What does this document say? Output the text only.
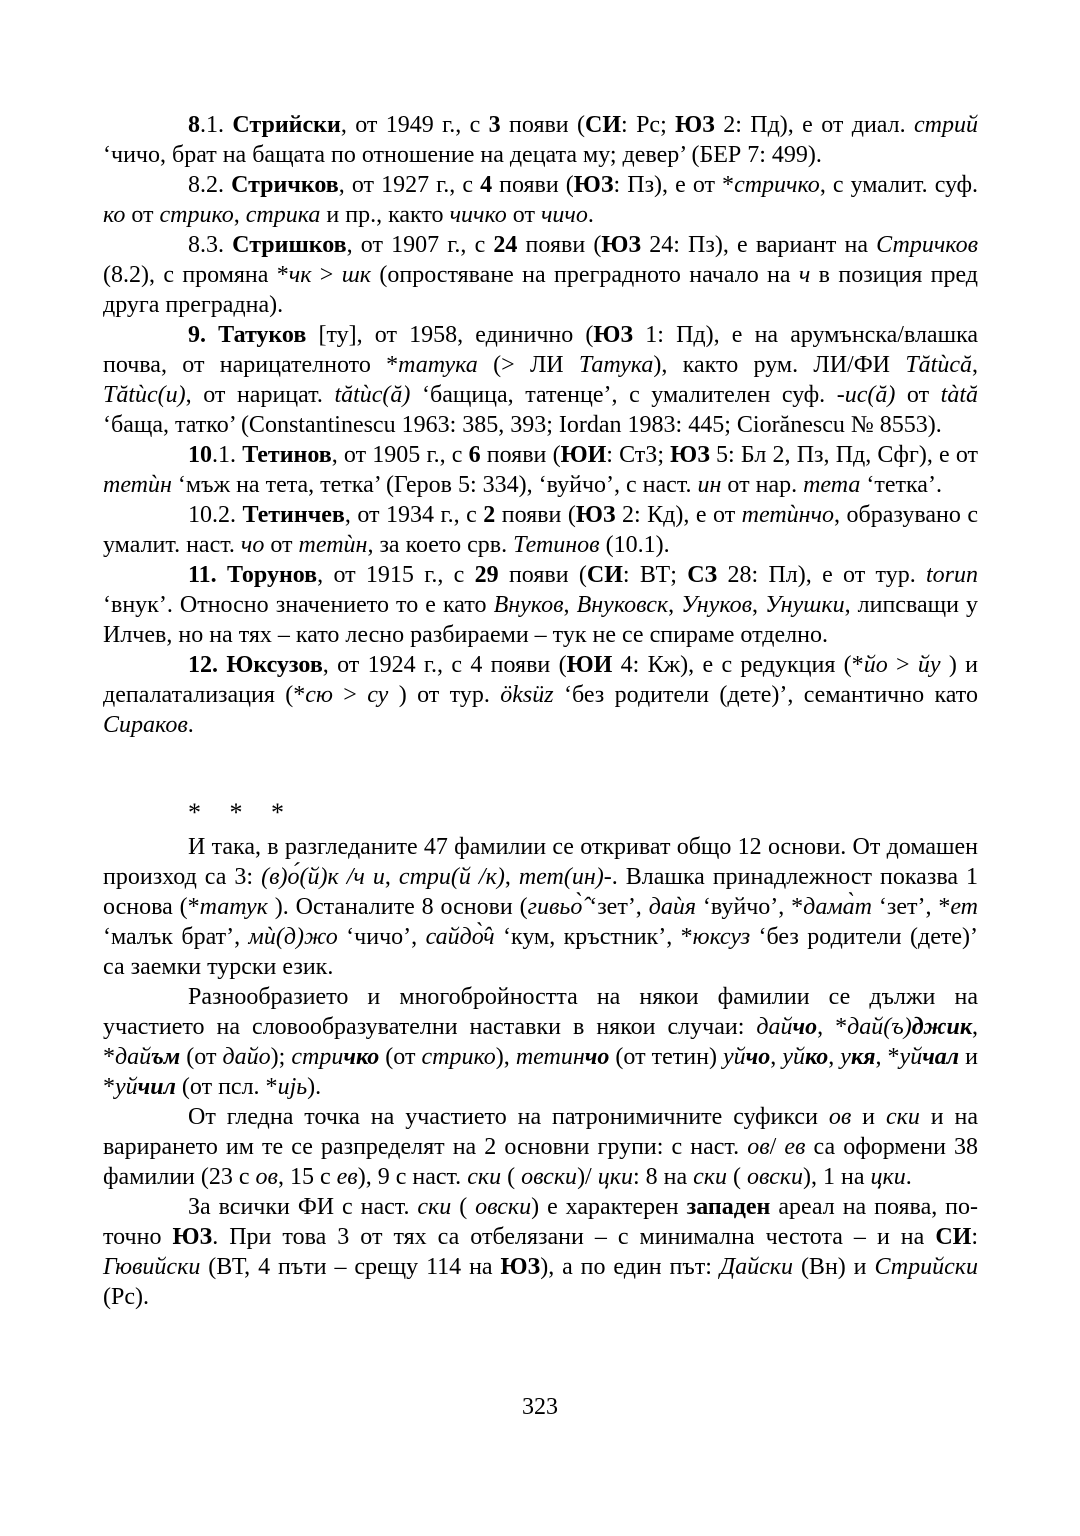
8.1. Стрийски, от 1949 г., с 3 появи (СИ: Рс; ЮЗ 2: Пд), е от диал. стрий ‘чичо, брат на бащата по отношение на децата му; девер’ (БЕР 7: 499).

8.2. Стричков, от 1927 г., с 4 появи (ЮЗ: Пз), е от *стричко, с умалит. суф. ко от стрико, стрика и пр., както чичко от чичо.

8.3. Стришков, от 1907 г., с 24 появи (ЮЗ 24: Пз), е вариант на Стричков (8.2), с промяна *чк > шк (опростяване на преградното начало на ч в позиция пред друга преградна).

9. Татуков [ту], от 1958, единично (ЮЗ 1: Пд), е на арумънска/влашка почва, от нарицателното *татука (> ЛИ Татука), както рум. ЛИ/ФИ Tătùcă, Tătùc(u), от нарицат. tătùc(ă) ‘бащица, татенце’, с умалителен суф. -uc(ă) от tàtă ‘баща, татко’ (Constantinescu 1963: 385, 393; Iordan 1983: 445; Ciorănescu № 8553).

10.1. Тетинов, от 1905 г., с 6 появи (ЮИ: СтЗ; ЮЗ 5: Бл 2, Пз, Пд, Сфг), е от тетѝн ‘мъж на тета, тетка’ (Геров 5: 334), ‘вуйчо’, с наст. ин от нар. тета ‘тетка’.

10.2. Тетинчев, от 1934 г., с 2 появи (ЮЗ 2: Кд), е от тетѝнчо, образувано с умалит. наст. чо от тетѝн, за което срв. Тетинов (10.1).

11. Торунов, от 1915 г., с 29 появи (СИ: ВТ; СЗ 28: Пл), е от тур. torun ‘внук’. Относно значението то е като Внуков, Внуковск, Унуков, Унушки, липсващи у Илчев, но на тях – като лесно разбираеми – тук не се спираме отделно.

12. Юксузов, от 1924 г., с 4 появи (ЮИ 4: Кж), е с редукция (*йо > йу ) и депалатализация (*сю > су ) от тур. öksüz ‘без родители (дете)’, семантично като Сираков.

* * *

И така, в разгледаните 47 фамилии се откриват общо 12 основи. От домашен произход са 3: (в)о́(й)к /ч и, стри(й /к), тет(ин)-. Влашка принадлежност показва 1 основа (*татук ). Останалите 8 основи (гивьо̂̀ ‘зет’, даѝя ‘вуйчо’, *дама̀т ‘зет’, *ет ‘малък брат’, мѝ(д)жо ‘чичо’, сайдо̂̀ч ‘кум, кръстник’, *юксуз ‘без родители (дете)’ са заемки турски език.

Разнообразието и многобройността на някои фамилии се дължи на участието на словообразувателни наставки в някои случаи: дайчо, *дай(ъ)джик, *дайъм (от дайо); стричко (от стрико), тетинчо (от тетин) уйчо, уйко, укя, *уйчал и *уйчил (от псл. *ujь).

От гледна точка на участието на патронимичните суфикси ов и ски и на варирането им те се разпределят на 2 основни групи: с наст. ов/ ев са оформени 38 фамилии (23 с ов, 15 с ев), 9 с наст. ски ( овски)/ цки: 8 на ски ( овски), 1 на цки.

За всички ФИ с наст. ски ( овски) е характерен западен ареал на поява, по-точно ЮЗ. При това 3 от тях са отбелязани – с минимална честота – и на СИ: Гювийски (ВТ, 4 пъти – срещу 114 на ЮЗ), а по един път: Дайски (Вн) и Стрийски (Рс).

323
